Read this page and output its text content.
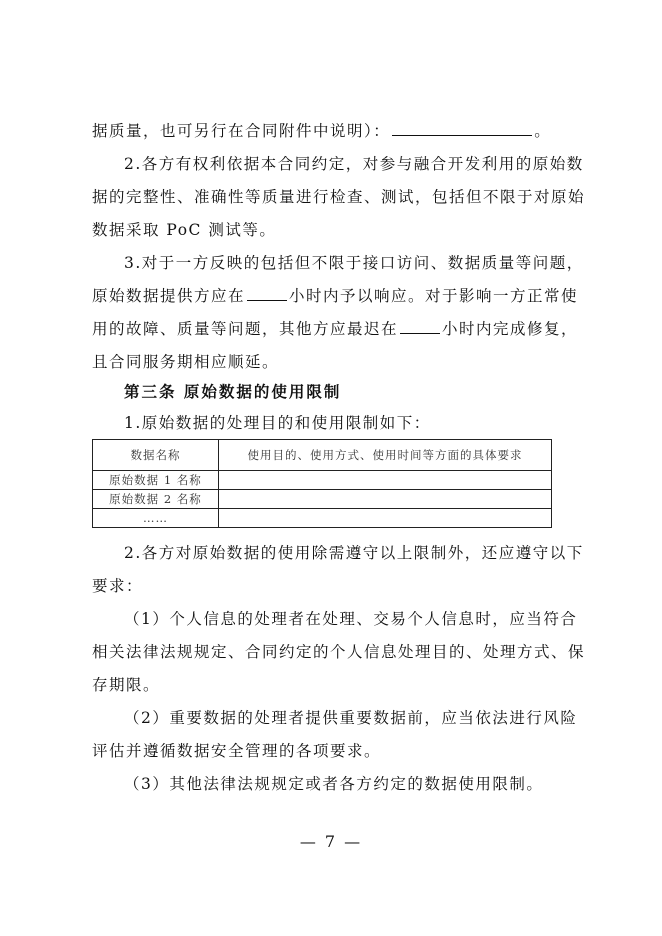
据质量，也可另行在合同附件中说明）：	。
2.各方有权利依据本合同约定，对参与融合开发利用的原始数
据的完整性、准确性等质量进行检查、测试，包括但不限于对原始
数据采取 PoC 测试等。
3.对于一方反映的包括但不限于接口访问、数据质量等问题，
原始数据提供方应在	小时内予以响应。对于影响一方正常使
用的故障、质量等问题，其他方应最迟在	小时内完成修复，
且合同服务期相应顺延。
第三条 原始数据的使用限制
1.原始数据的处理目的和使用限制如下：
数据名称	使用目的、使用方式、使用时间等方面的具体要求
原始数据 1 名称	
原始数据 2 名称	
……	
2.各方对原始数据的使用除需遵守以上限制外，还应遵守以下
要求：
（1）个人信息的处理者在处理、交易个人信息时，应当符合
相关法律法规规定、合同约定的个人信息处理目的、处理方式、保
存期限。
（2）重要数据的处理者提供重要数据前，应当依法进行风险
评估并遵循数据安全管理的各项要求。
（3）其他法律法规规定或者各方约定的数据使用限制。
— 7 —
